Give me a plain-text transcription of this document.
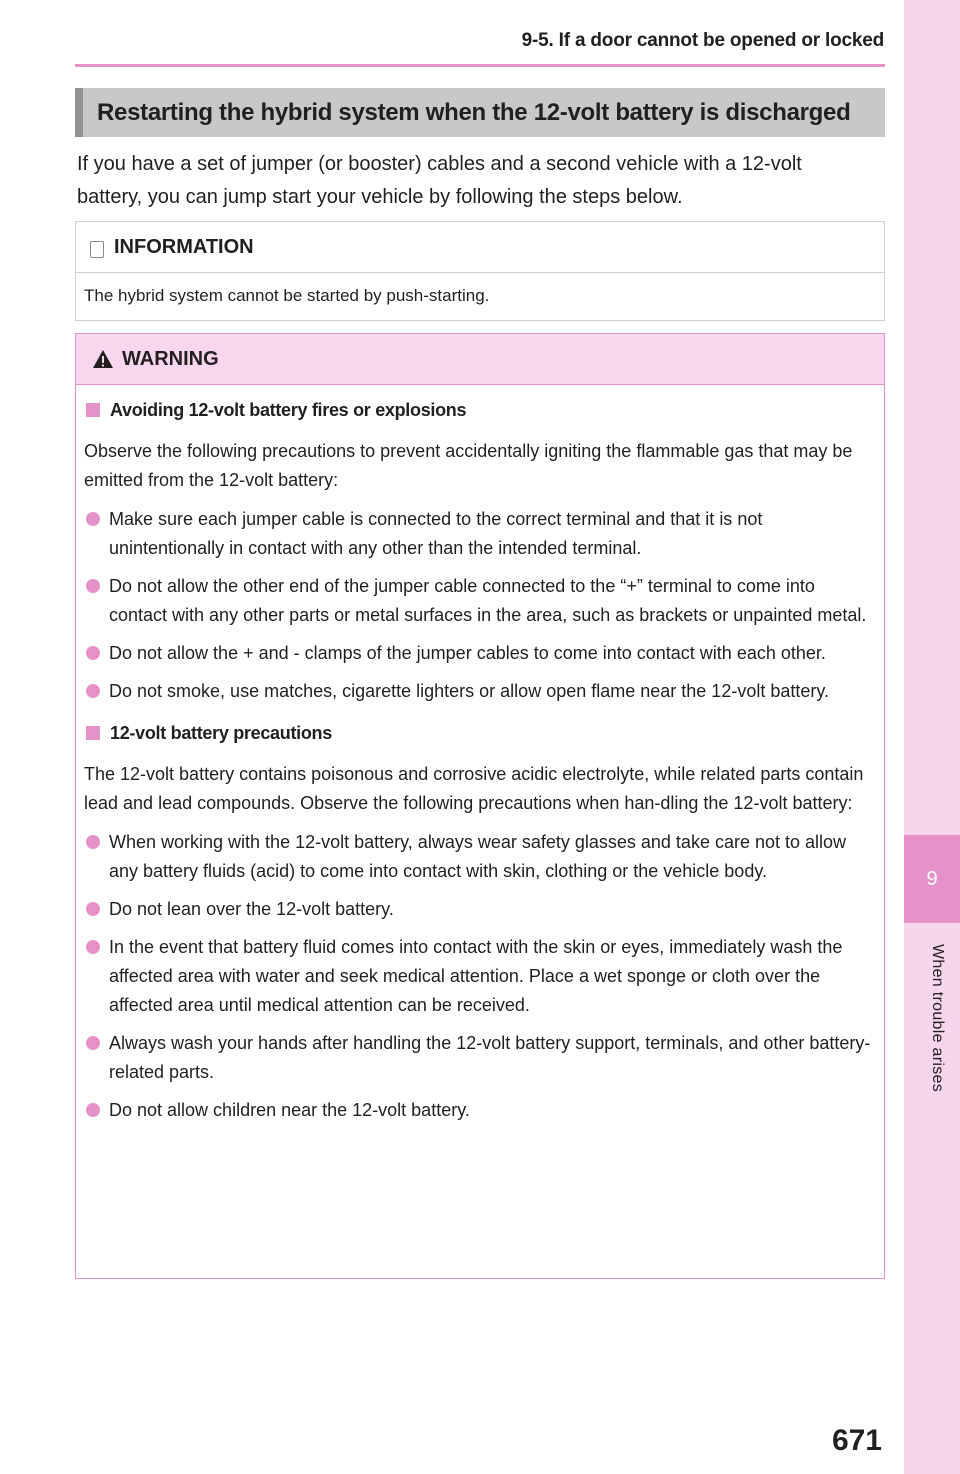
9-5. If a door cannot be opened or locked
9
When trouble arises
Restarting the hybrid system when the 12-volt battery is discharged
If you have a set of jumper (or booster) cables and a second vehicle with a 12-volt
battery, you can jump start your vehicle by following the steps below.
INFORMATION
The hybrid system cannot be started by push-starting.
WARNING
Avoiding 12-volt battery fires or explosions
Observe the following precautions to prevent accidentally igniting the flammable gas that may be emitted from the 12-volt battery:
Make sure each jumper cable is connected to the correct terminal and that it is not unintentionally in contact with any other than the intended terminal.
Do not allow the other end of the jumper cable connected to the “+” terminal to come into contact with any other parts or metal surfaces in the area, such as brackets or unpainted metal.
Do not allow the + and - clamps of the jumper cables to come into contact with each other.
Do not smoke, use matches, cigarette lighters or allow open flame near the 12-volt battery.
12-volt battery precautions
The 12-volt battery contains poisonous and corrosive acidic electrolyte, while related parts contain lead and lead compounds. Observe the following precautions when han-dling the 12-volt battery:
When working with the 12-volt battery, always wear safety glasses and take care not to allow any battery fluids (acid) to come into contact with skin, clothing or the vehicle body.
Do not lean over the 12-volt battery.
In the event that battery fluid comes into contact with the skin or eyes, immediately wash the affected area with water and seek medical attention. Place a wet sponge or cloth over the affected area until medical attention can be received.
Always wash your hands after handling the 12-volt battery support, terminals, and other battery-related parts.
Do not allow children near the 12-volt battery.
671
